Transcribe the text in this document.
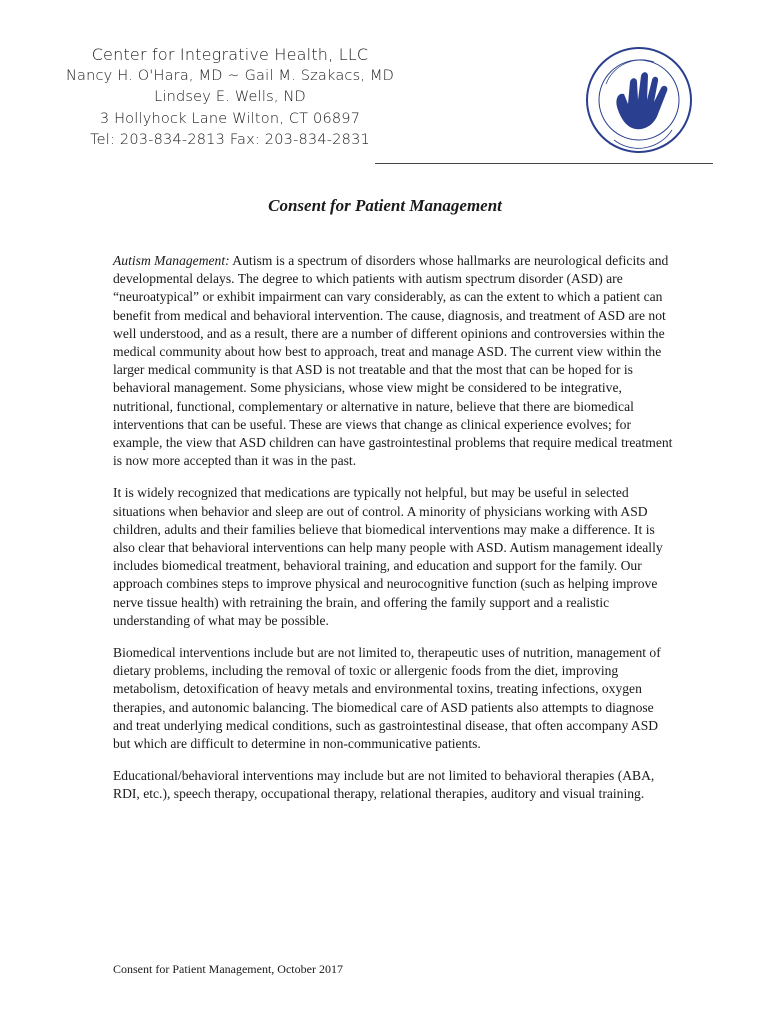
Center for Integrative Health, LLC
Nancy H. O'Hara, MD ~ Gail M. Szakacs, MD
Lindsey E. Wells, ND
3 Hollyhock Lane Wilton, CT 06897
Tel: 203-834-2813 Fax: 203-834-2831
Consent for Patient Management

Autism Management: Autism is a spectrum of disorders whose hallmarks are neurological deficits and developmental delays. The degree to which patients with autism spectrum disorder (ASD) are “neuroatypical” or exhibit impairment can vary considerably, as can the extent to which a patient can benefit from medical and behavioral intervention. The cause, diagnosis, and treatment of ASD are not well understood, and as a result, there are a number of different opinions and controversies within the medical community about how best to approach, treat and manage ASD. The current view within the larger medical community is that ASD is not treatable and that the most that can be hoped for is behavioral management. Some physicians, whose view might be considered to be integrative, nutritional, functional, complementary or alternative in nature, believe that there are biomedical interventions that can be useful. These are views that change as clinical experience evolves; for example, the view that ASD children can have gastrointestinal problems that require medical treatment is now more accepted than it was in the past.

It is widely recognized that medications are typically not helpful, but may be useful in selected situations when behavior and sleep are out of control. A minority of physicians working with ASD children, adults and their families believe that biomedical interventions may make a difference. It is also clear that behavioral interventions can help many people with ASD. Autism management ideally includes biomedical treatment, behavioral training, and education and support for the family. Our approach combines steps to improve physical and neurocognitive function (such as helping improve nerve tissue health) with retraining the brain, and offering the family support and a realistic understanding of what may be possible.

Biomedical interventions include but are not limited to, therapeutic uses of nutrition, management of dietary problems, including the removal of toxic or allergenic foods from the diet, improving metabolism, detoxification of heavy metals and environmental toxins, treating infections, oxygen therapies, and autonomic balancing. The biomedical care of ASD patients also attempts to diagnose and treat underlying medical conditions, such as gastrointestinal disease, that often accompany ASD but which are difficult to determine in non-communicative patients.

Educational/behavioral interventions may include but are not limited to behavioral therapies (ABA, RDI, etc.), speech therapy, occupational therapy, relational therapies, auditory and visual training.

Consent for Patient Management, October 2017
